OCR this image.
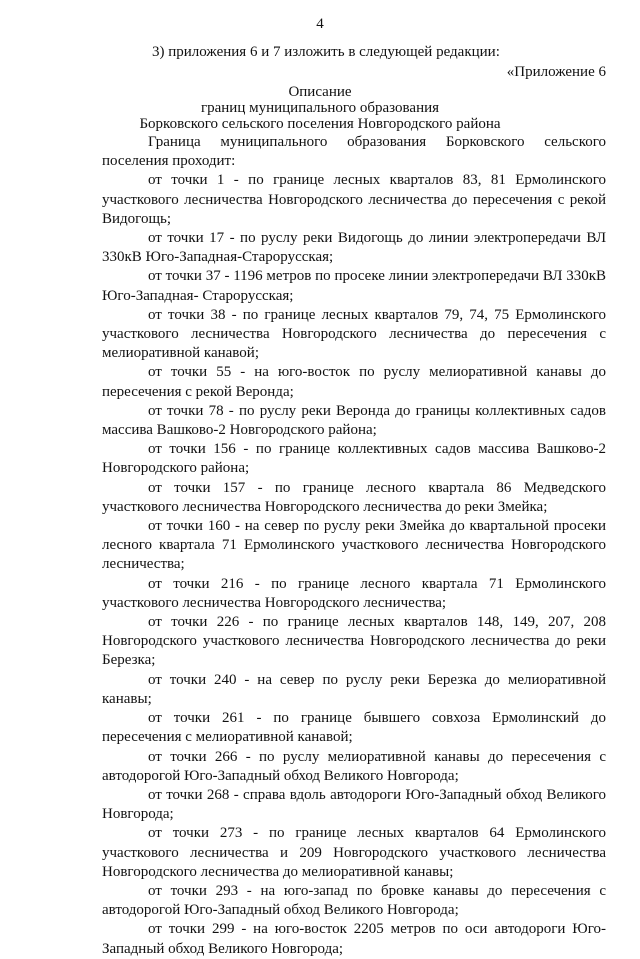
4
3) приложения 6 и 7 изложить в следующей редакции:
«Приложение 6
Описание
границ муниципального образования
Борковского сельского поселения Новгородского района

Граница муниципального образования Борковского сельского поселения проходит:

от точки 1 - по границе лесных кварталов 83, 81 Ермолинского участкового лесничества Новгородского лесничества до пересечения с рекой Видогощь;

от точки 17 - по руслу реки Видогощь до линии электропередачи ВЛ 330кВ Юго-Западная-Старорусская;

от точки 37 - 1196 метров по просеке линии электропередачи ВЛ 330кВ Юго-Западная- Старорусская;

от точки 38 - по границе лесных кварталов 79, 74, 75 Ермолинского участкового лесничества Новгородского лесничества до пересечения с мелиоративной канавой;

от точки 55 - на юго-восток по руслу мелиоративной канавы до пересечения с рекой Веронда;

от точки 78 - по руслу реки Веронда до границы коллективных садов массива Вашково-2 Новгородского района;

от точки 156 - по границе коллективных садов массива Вашково-2 Новгородского района;

от точки 157 - по границе лесного квартала 86 Медведского участкового лесничества Новгородского лесничества до реки Змейка;

от точки 160 - на север по руслу реки Змейка до квартальной просеки лесного квартала 71 Ермолинского участкового лесничества Новгородского лесничества;

от точки 216 - по границе лесного квартала 71 Ермолинского участкового лесничества Новгородского лесничества;

от точки 226 - по границе лесных кварталов 148, 149, 207, 208 Новгородского участкового лесничества Новгородского лесничества до реки Березка;

от точки 240 - на север по руслу реки Березка до мелиоративной канавы;

от точки 261 - по границе бывшего совхоза Ермолинский до пересечения с мелиоративной канавой;

от точки 266 - по руслу мелиоративной канавы до пересечения с автодорогой Юго-Западный обход Великого Новгорода;

от точки 268 - справа вдоль автодороги Юго-Западный обход Великого Новгорода;

от точки 273 - по границе лесных кварталов 64 Ермолинского участкового лесничества и 209 Новгородского участкового лесничества Новгородского лесничества до мелиоративной канавы;

от точки 293 - на юго-запад по бровке канавы до пересечения с автодорогой Юго-Западный обход Великого Новгорода;

от точки 299 - на юго-восток 2205 метров по оси автодороги Юго-Западный обход Великого Новгорода;
